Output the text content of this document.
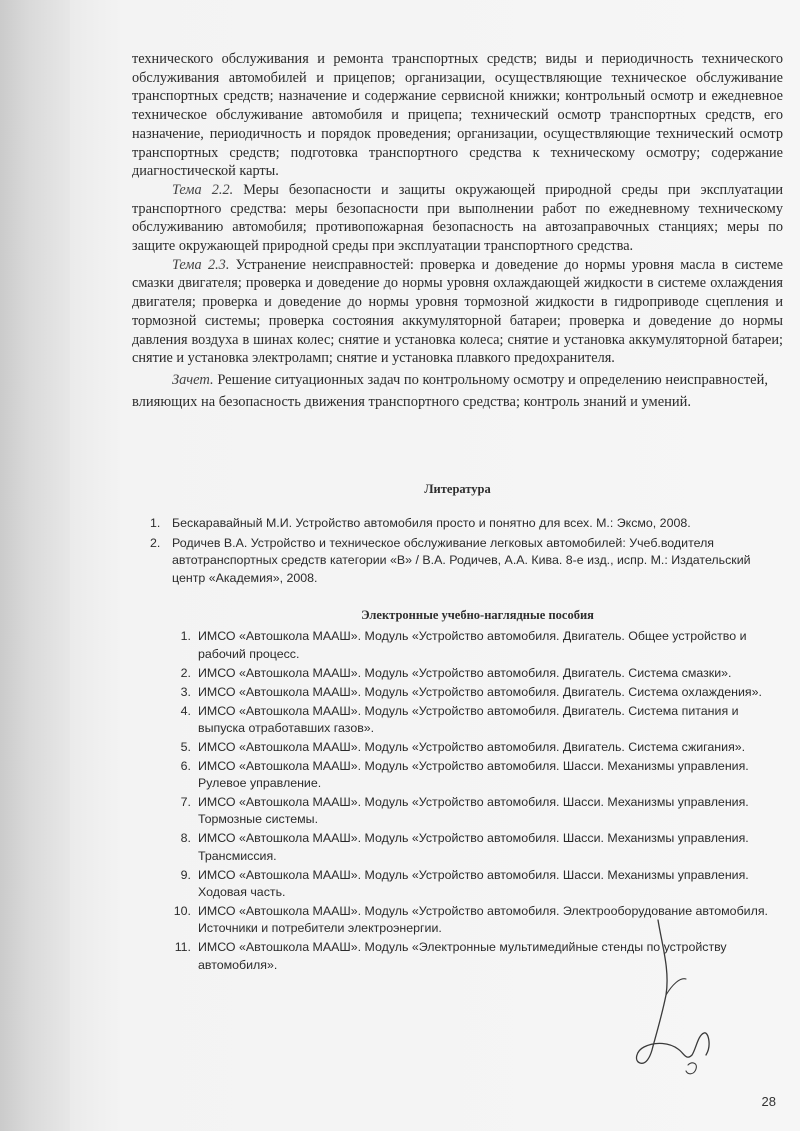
технического обслуживания и ремонта транспортных средств; виды и периодичность технического обслуживания автомобилей и прицепов; организации, осуществляющие техническое обслуживание транспортных средств; назначение и содержание сервисной книжки; контрольный осмотр и ежедневное техническое обслуживание автомобиля и прицепа; технический осмотр транспортных средств, его назначение, периодичность и порядок проведения; организации, осуществляющие технический осмотр транспортных средств; подготовка транспортного средства к техническому осмотру; содержание диагностической карты.

Тема 2.2. Меры безопасности и защиты окружающей природной среды при эксплуатации транспортного средства: меры безопасности при выполнении работ по ежедневному техническому обслуживанию автомобиля; противопожарная безопасность на автозаправочных станциях; меры по защите окружающей природной среды при эксплуатации транспортного средства.

Тема 2.3. Устранение неисправностей: проверка и доведение до нормы уровня масла в системе смазки двигателя; проверка и доведение до нормы уровня охлаждающей жидкости в системе охлаждения двигателя; проверка и доведение до нормы уровня тормозной жидкости в гидроприводе сцепления и тормозной системы; проверка состояния аккумуляторной батареи; проверка и доведение до нормы давления воздуха в шинах колес; снятие и установка колеса; снятие и установка аккумуляторной батареи; снятие и установка электроламп; снятие и установка плавкого предохранителя.

Зачет. Решение ситуационных задач по контрольному осмотру и определению неисправностей, влияющих на безопасность движения транспортного средства; контроль знаний и умений.

Литература

1. Бескаравайный М.И. Устройство автомобиля просто и понятно для всех. М.: Эксмо, 2008.
2. Родичев В.А. Устройство и техническое обслуживание легковых автомобилей: Учеб.водителя автотранспортных средств категории «В» / В.А. Родичев, А.А. Кива. 8-е изд., испр. М.: Издательский центр «Академия», 2008.

Электронные учебно-наглядные пособия

1. ИМСО «Автошкола МААШ». Модуль «Устройство автомобиля. Двигатель. Общее устройство и рабочий процесс.
2. ИМСО «Автошкола МААШ». Модуль «Устройство автомобиля. Двигатель. Система смазки».
3. ИМСО «Автошкола МААШ». Модуль «Устройство автомобиля. Двигатель. Система охлаждения».
4. ИМСО «Автошкола МААШ». Модуль «Устройство автомобиля. Двигатель. Система питания и выпуска отработавших газов».
5. ИМСО «Автошкола МААШ». Модуль «Устройство автомобиля. Двигатель. Система сжигания».
6. ИМСО «Автошкола МААШ». Модуль «Устройство автомобиля. Шасси. Механизмы управления. Рулевое управление.
7. ИМСО «Автошкола МААШ». Модуль «Устройство автомобиля. Шасси. Механизмы управления. Тормозные системы.
8. ИМСО «Автошкола МААШ». Модуль «Устройство автомобиля. Шасси. Механизмы управления. Трансмиссия.
9. ИМСО «Автошкола МААШ». Модуль «Устройство автомобиля. Шасси. Механизмы управления. Ходовая часть.
10. ИМСО «Автошкола МААШ». Модуль «Устройство автомобиля. Электрооборудование автомобиля. Источники и потребители электроэнергии.
11. ИМСО «Автошкола МААШ». Модуль «Электронные мультимедийные стенды по устройству автомобиля».
28
